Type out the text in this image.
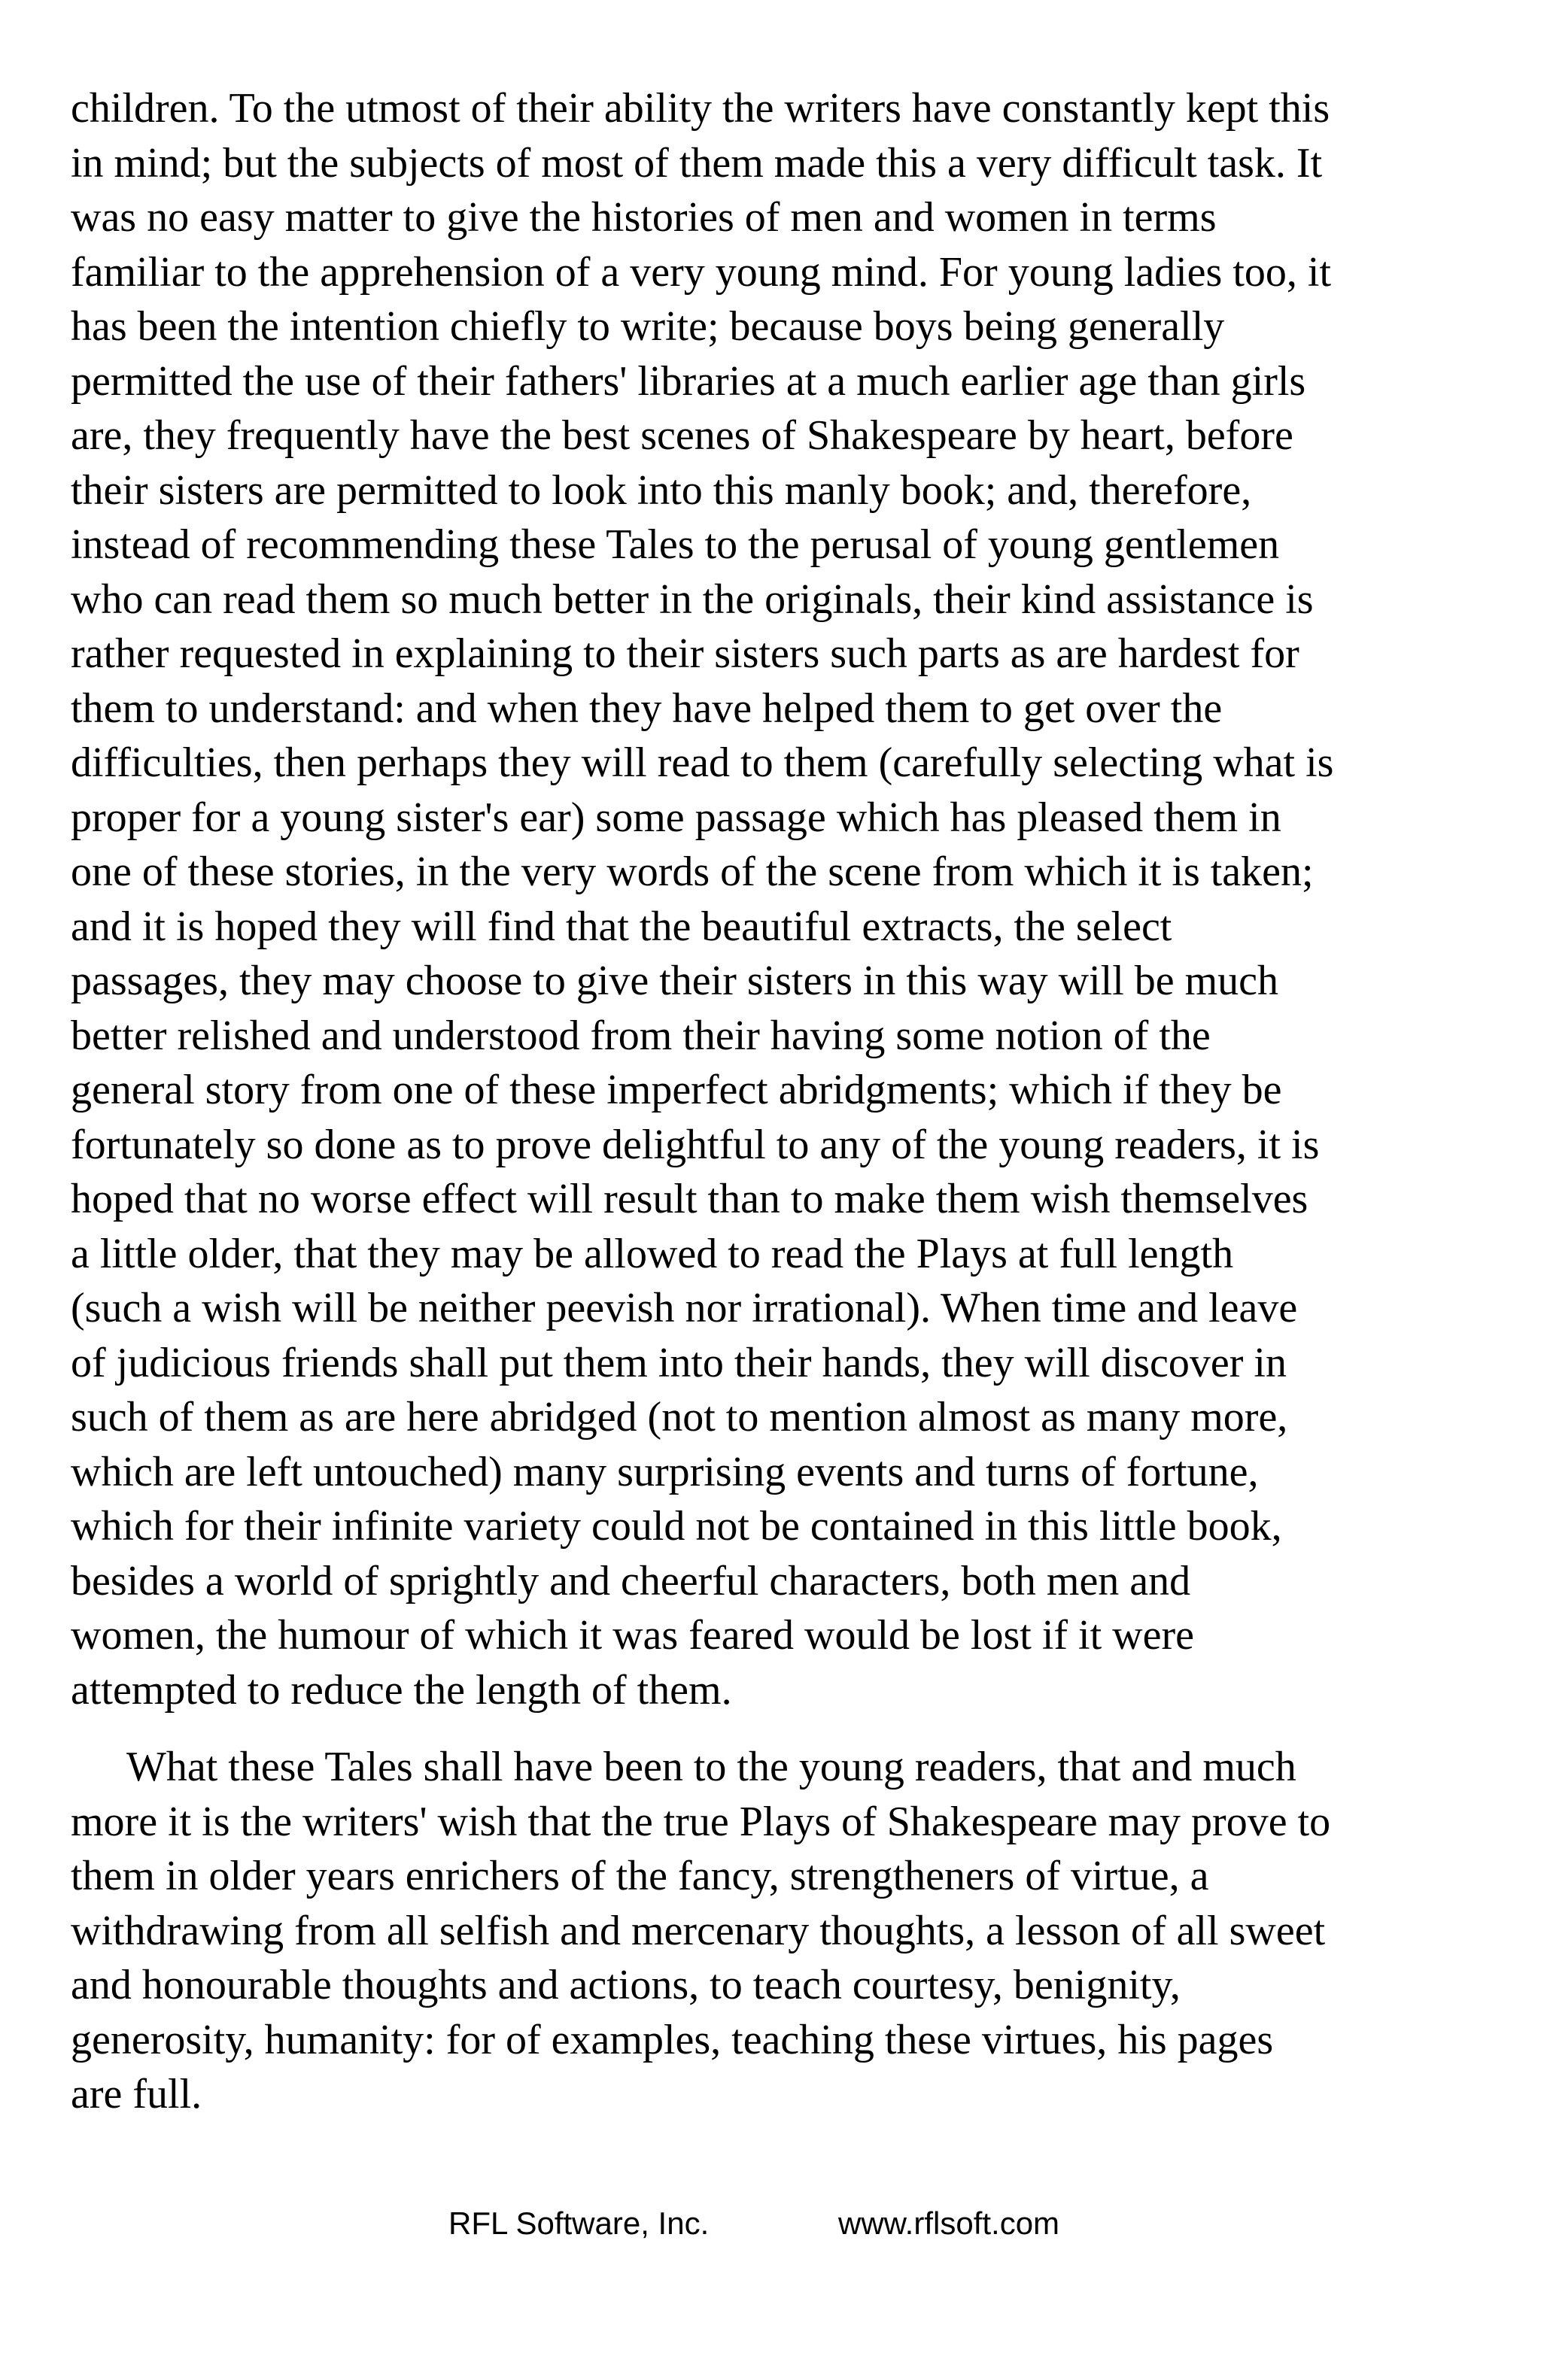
children. To the utmost of their ability the writers have constantly kept this
in mind; but the subjects of most of them made this a very difficult task. It
was no easy matter to give the histories of men and women in terms
familiar to the apprehension of a very young mind. For young ladies too, it
has been the intention chiefly to write; because boys being generally
permitted the use of their fathers' libraries at a much earlier age than girls
are, they frequently have the best scenes of Shakespeare by heart, before
their sisters are permitted to look into this manly book; and, therefore,
instead of recommending these Tales to the perusal of young gentlemen
who can read them so much better in the originals, their kind assistance is
rather requested in explaining to their sisters such parts as are hardest for
them to understand: and when they have helped them to get over the
difficulties, then perhaps they will read to them (carefully selecting what is
proper for a young sister's ear) some passage which has pleased them in
one of these stories, in the very words of the scene from which it is taken;
and it is hoped they will find that the beautiful extracts, the select
passages, they may choose to give their sisters in this way will be much
better relished and understood from their having some notion of the
general story from one of these imperfect abridgments; which if they be
fortunately so done as to prove delightful to any of the young readers, it is
hoped that no worse effect will result than to make them wish themselves
a little older, that they may be allowed to read the Plays at full length
(such a wish will be neither peevish nor irrational). When time and leave
of judicious friends shall put them into their hands, they will discover in
such of them as are here abridged (not to mention almost as many more,
which are left untouched) many surprising events and turns of fortune,
which for their infinite variety could not be contained in this little book,
besides a world of sprightly and cheerful characters, both men and
women, the humour of which it was feared would be lost if it were
attempted to reduce the length of them.
What these Tales shall have been to the young readers, that and much
more it is the writers' wish that the true Plays of Shakespeare may prove to
them in older years enrichers of the fancy, strengtheners of virtue, a
withdrawing from all selfish and mercenary thoughts, a lesson of all sweet
and honourable thoughts and actions, to teach courtesy, benignity,
generosity, humanity: for of examples, teaching these virtues, his pages
are full.
RFL Software, Inc.	www.rflsoft.com
